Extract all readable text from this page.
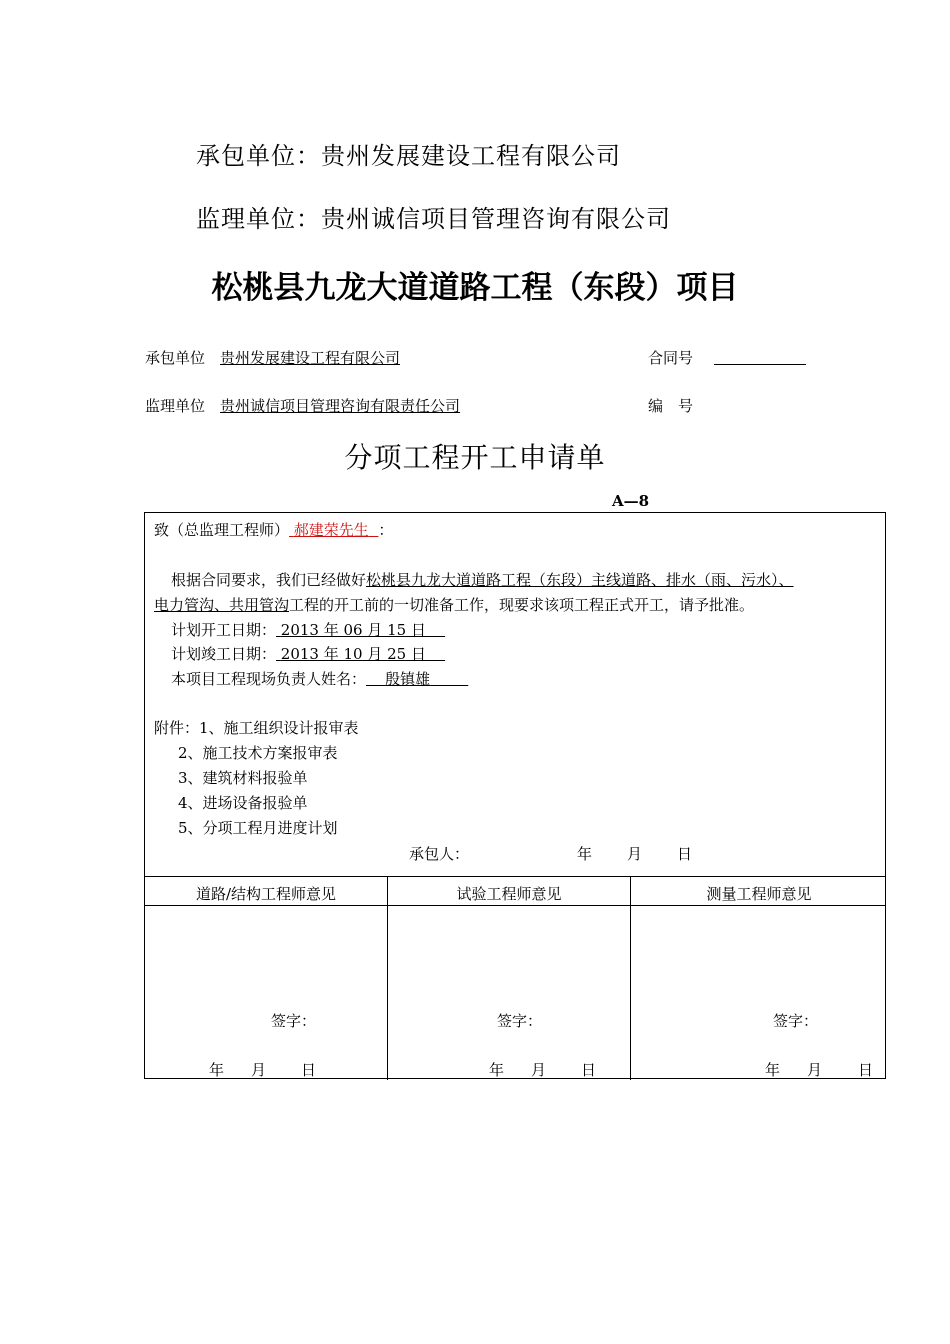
承包单位：贵州发展建设工程有限公司
监理单位：贵州诚信项目管理咨询有限公司
松桃县九龙大道道路工程（东段）项目
承包单位 贵州发展建设工程有限公司	合同号
监理单位 贵州诚信项目管理咨询有限责任公司	编　号
分项工程开工申请单
A—8
致（总监理工程师） 郝建荣先生 ：
根据合同要求，我们已经做好松桃县九龙大道道路工程（东段）主线道路、排水（雨、污水）、
电力管沟、共用管沟工程的开工前的一切准备工作，现要求该项工程正式开工，请予批准。
计划开工日期： 2013 年 06 月 15 日
计划竣工日期： 2013 年 10 月 25 日
本项目工程现场负责人姓名： 殷镇雄
附件：1、施工组织设计报审表
2、施工技术方案报审表
3、建筑材料报验单
4、进场设备报验单
5、分项工程月进度计划
承包人：	年 月 日
道路/结构工程师意见	试验工程师意见	测量工程师意见
签字：	签字：	签字：
年 月 日	年 月 日	年 月 日
